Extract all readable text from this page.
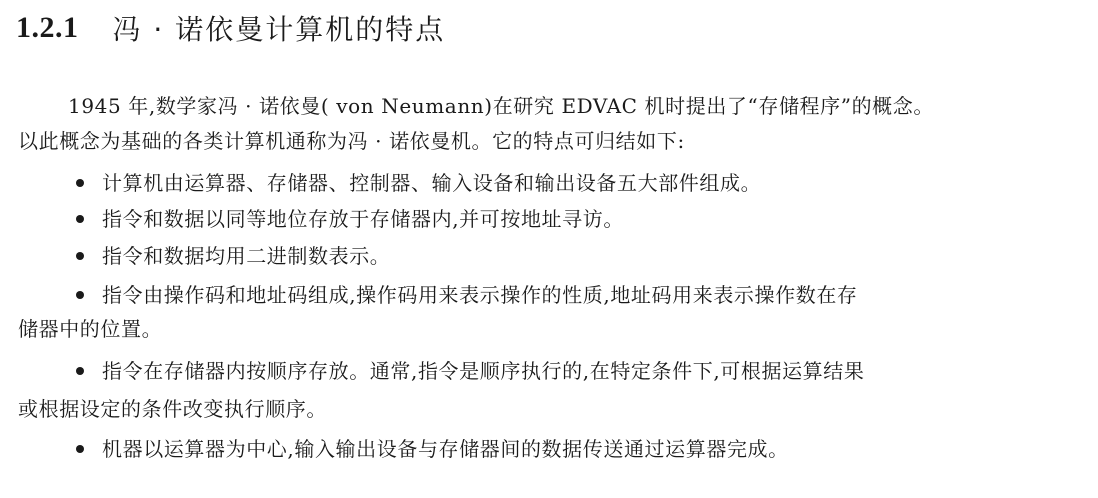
1.2.1 冯 · 诺依曼计算机的特点
1945 年,数学家冯 · 诺依曼( von Neumann)在研究 EDVAC 机时提出了“存储程序”的概念。
以此概念为基础的各类计算机通称为冯 · 诺依曼机。它的特点可归结如下:
计算机由运算器、存储器、控制器、输入设备和输出设备五大部件组成。
指令和数据以同等地位存放于存储器内,并可按地址寻访。
指令和数据均用二进制数表示。
指令由操作码和地址码组成,操作码用来表示操作的性质,地址码用来表示操作数在存
储器中的位置。
指令在存储器内按顺序存放。通常,指令是顺序执行的,在特定条件下,可根据运算结果
或根据设定的条件改变执行顺序。
机器以运算器为中心,输入输出设备与存储器间的数据传送通过运算器完成。
